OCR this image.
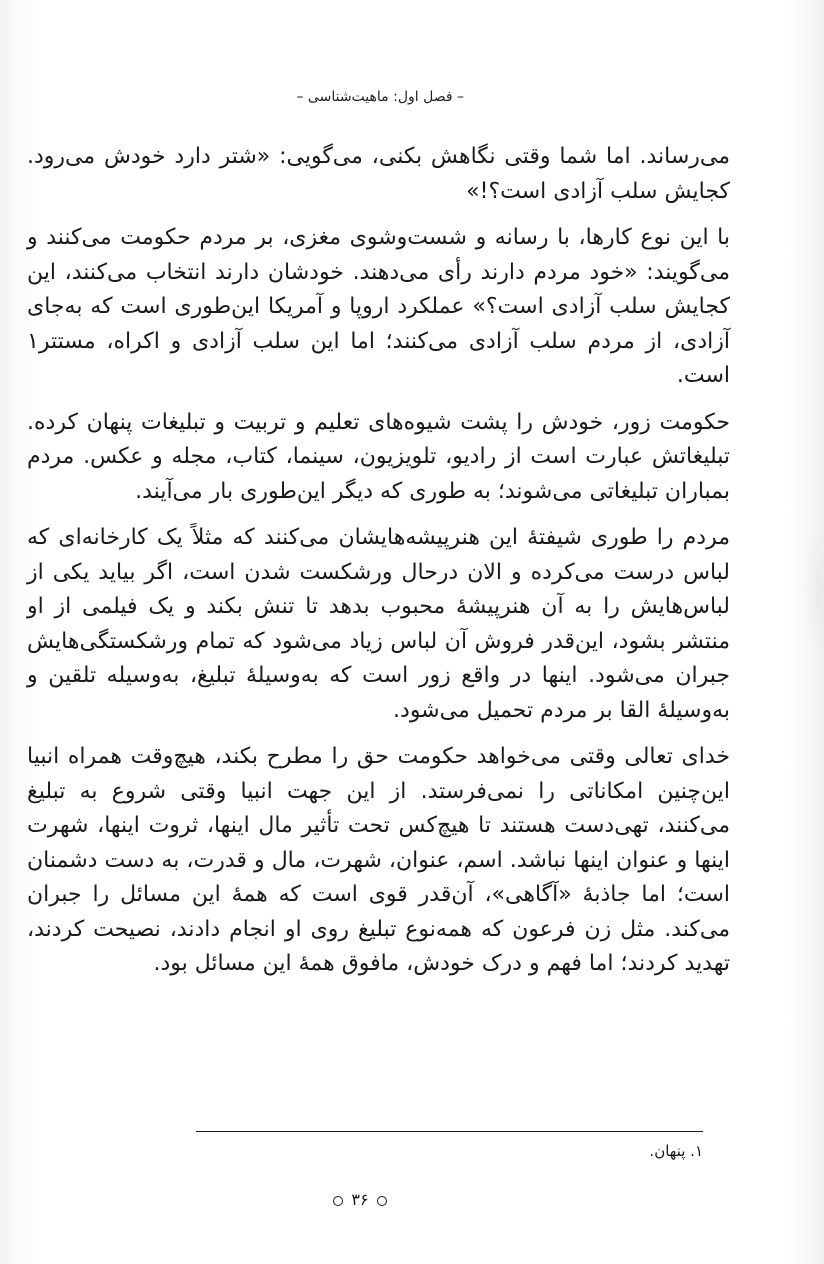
– فصل اول: ماهیت‌شناسی –

می‌رساند. اما شما وقتی نگاهش بکنی، می‌گویی: «شتر دارد خودش می‌رود. کجایش سلب آزادی است؟!»

با این نوع کارها، با رسانه و شست‌وشوی مغزی، بر مردم حکومت می‌کنند و می‌گویند: «خود مردم دارند رأی می‌دهند. خودشان دارند انتخاب می‌کنند، این کجایش سلب آزادی است؟» عملکرد اروپا و آمریکا این‌طوری است که به‌جای آزادی، از مردم سلب آزادی می‌کنند؛ اما این سلب آزادی و اکراه، مستتر۱ است.

حکومت زور، خودش را پشت شیوه‌های تعلیم و تربیت و تبلیغات پنهان کرده. تبلیغاتش عبارت است از رادیو، تلویزیون، سینما، کتاب، مجله و عکس. مردم بمباران تبلیغاتی می‌شوند؛ به طوری که دیگر این‌طوری بار می‌آیند.

مردم را طوری شیفتهٔ این هنرپیشه‌هایشان می‌کنند که مثلاً یک کارخانه‌ای که لباس درست می‌کرده و الان درحال ورشکست شدن است، اگر بیاید یکی از لباس‌هایش را به آن هنرپیشهٔ محبوب بدهد تا تنش بکند و یک فیلمی از او منتشر بشود، این‌قدر فروش آن لباس زیاد می‌شود که تمام ورشکستگی‌هایش جبران می‌شود. اینها در واقع زور است که به‌وسیلهٔ تبلیغ، به‌وسیله تلقین و به‌وسیلهٔ القا بر مردم تحمیل می‌شود.

خدای تعالی وقتی می‌خواهد حکومت حق را مطرح بکند، هیچ‌وقت همراه انبیا این‌چنین امکاناتی را نمی‌فرستد. از این جهت انبیا وقتی شروع به تبلیغ می‌کنند، تهی‌دست هستند تا هیچ‌کس تحت تأثیر مال اینها، ثروت اینها، شهرت اینها و عنوان اینها نباشد. اسم، عنوان، شهرت، مال و قدرت، به دست دشمنان است؛ اما جاذبهٔ «آگاهی»، آن‌قدر قوی است که همهٔ این مسائل را جبران می‌کند. مثل زن فرعون که همه‌نوع تبلیغ روی او انجام دادند، نصیحت کردند، تهدید کردند؛ اما فهم و درک خودش، مافوق همهٔ این مسائل بود.

۱. پنهان.
۳۶
